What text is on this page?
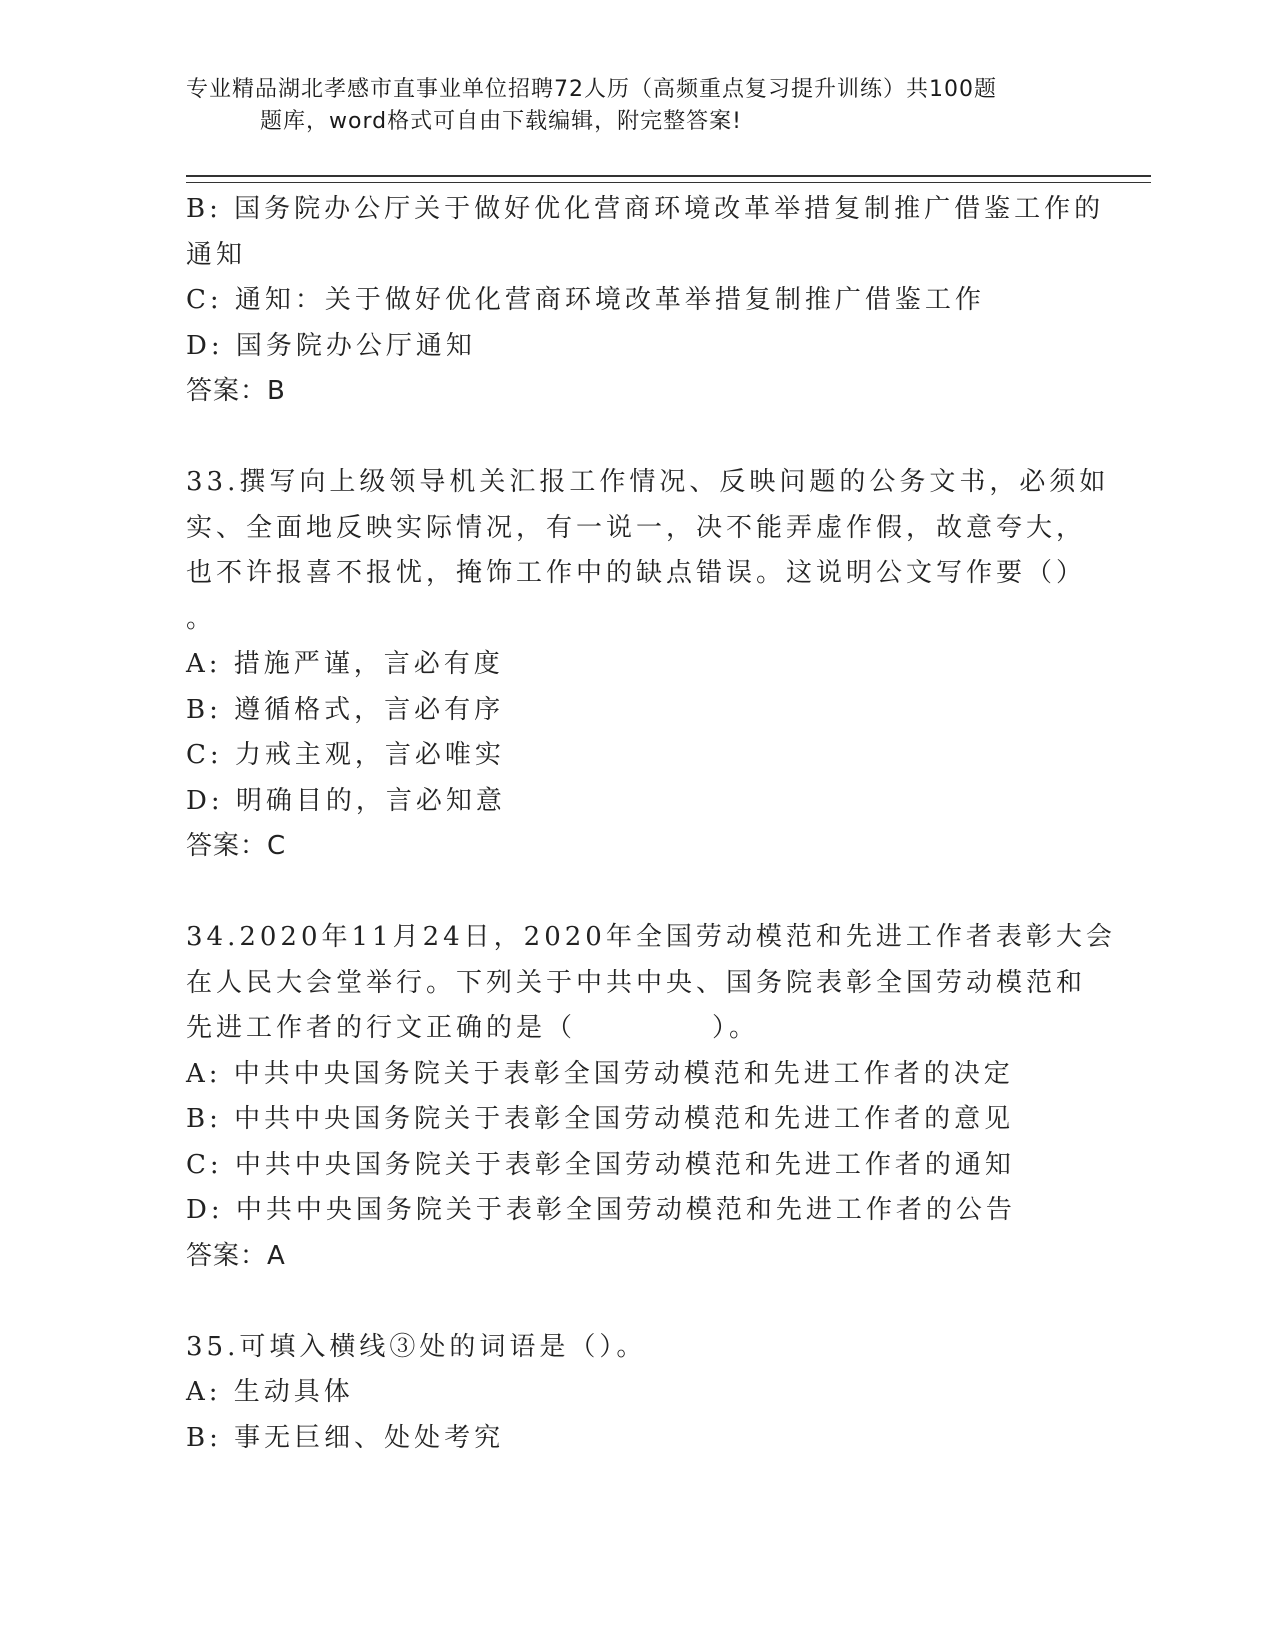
专业精品湖北孝感市直事业单位招聘72人历（高频重点复习提升训练）共100题
题库，word格式可自由下载编辑，附完整答案!
B: 国务院办公厅关于做好优化营商环境改革举措复制推广借鉴工作的
通知
C: 通知：关于做好优化营商环境改革举措复制推广借鉴工作
D: 国务院办公厅通知
答案：B
33.撰写向上级领导机关汇报工作情况、反映问题的公务文书，必须如
实、全面地反映实际情况，有一说一，决不能弄虚作假，故意夸大，
也不许报喜不报忧，掩饰工作中的缺点错误。这说明公文写作要（）
。
A: 措施严谨，言必有度
B: 遵循格式，言必有序
C: 力戒主观，言必唯实
D: 明确目的，言必知意
答案：C
34.2020年11月24日，2020年全国劳动模范和先进工作者表彰大会
在人民大会堂举行。下列关于中共中央、国务院表彰全国劳动模范和
先进工作者的行文正确的是（	）。
A: 中共中央国务院关于表彰全国劳动模范和先进工作者的决定
B: 中共中央国务院关于表彰全国劳动模范和先进工作者的意见
C: 中共中央国务院关于表彰全国劳动模范和先进工作者的通知
D: 中共中央国务院关于表彰全国劳动模范和先进工作者的公告
答案：A
35.可填入横线③处的词语是（）。
A: 生动具体
B: 事无巨细、处处考究
